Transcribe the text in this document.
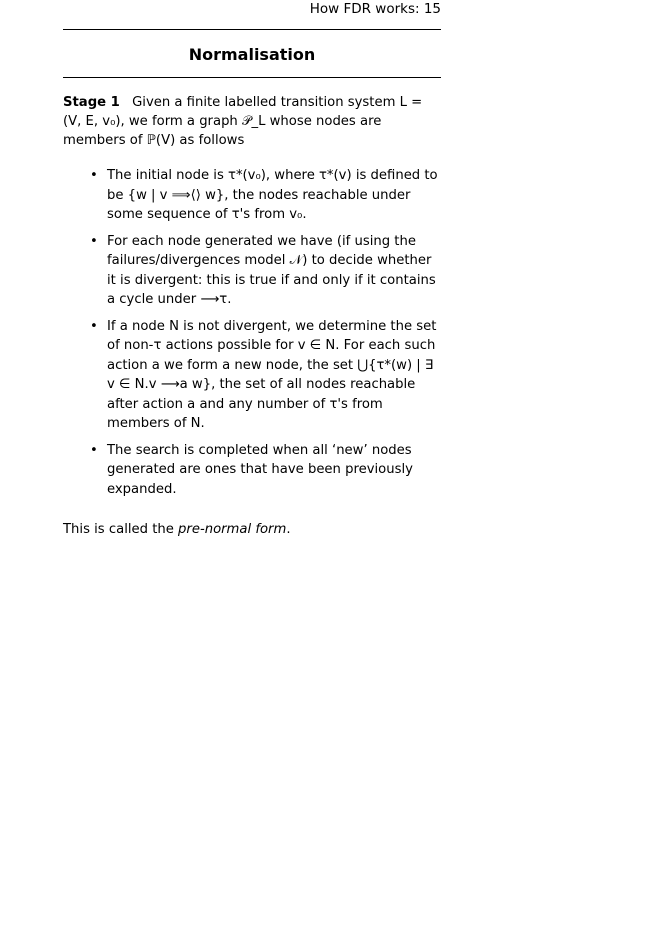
How FDR works: 15
Normalisation
Stage 1 Given a finite labelled transition system L = (V, E, v₀), we form a graph 𝒫_L whose nodes are members of ℙ(V) as follows
• The initial node is τ*(v₀), where τ*(v) is defined to be {w | v ⟹⟨⟩ w}, the nodes reachable under some sequence of τ's from v₀.
• For each node generated we have (if using the failures/divergences model 𝒩) to decide whether it is divergent: this is true if and only if it contains a cycle under ⟶τ.
• If a node N is not divergent, we determine the set of non-τ actions possible for v ∈ N. For each such action a we form a new node, the set ⋃{τ*(w) | ∃ v ∈ N.v ⟶a w}, the set of all nodes reachable after action a and any number of τ's from members of N.
• The search is completed when all ‘new’ nodes generated are ones that have been previously expanded.
This is called the pre-normal form.
